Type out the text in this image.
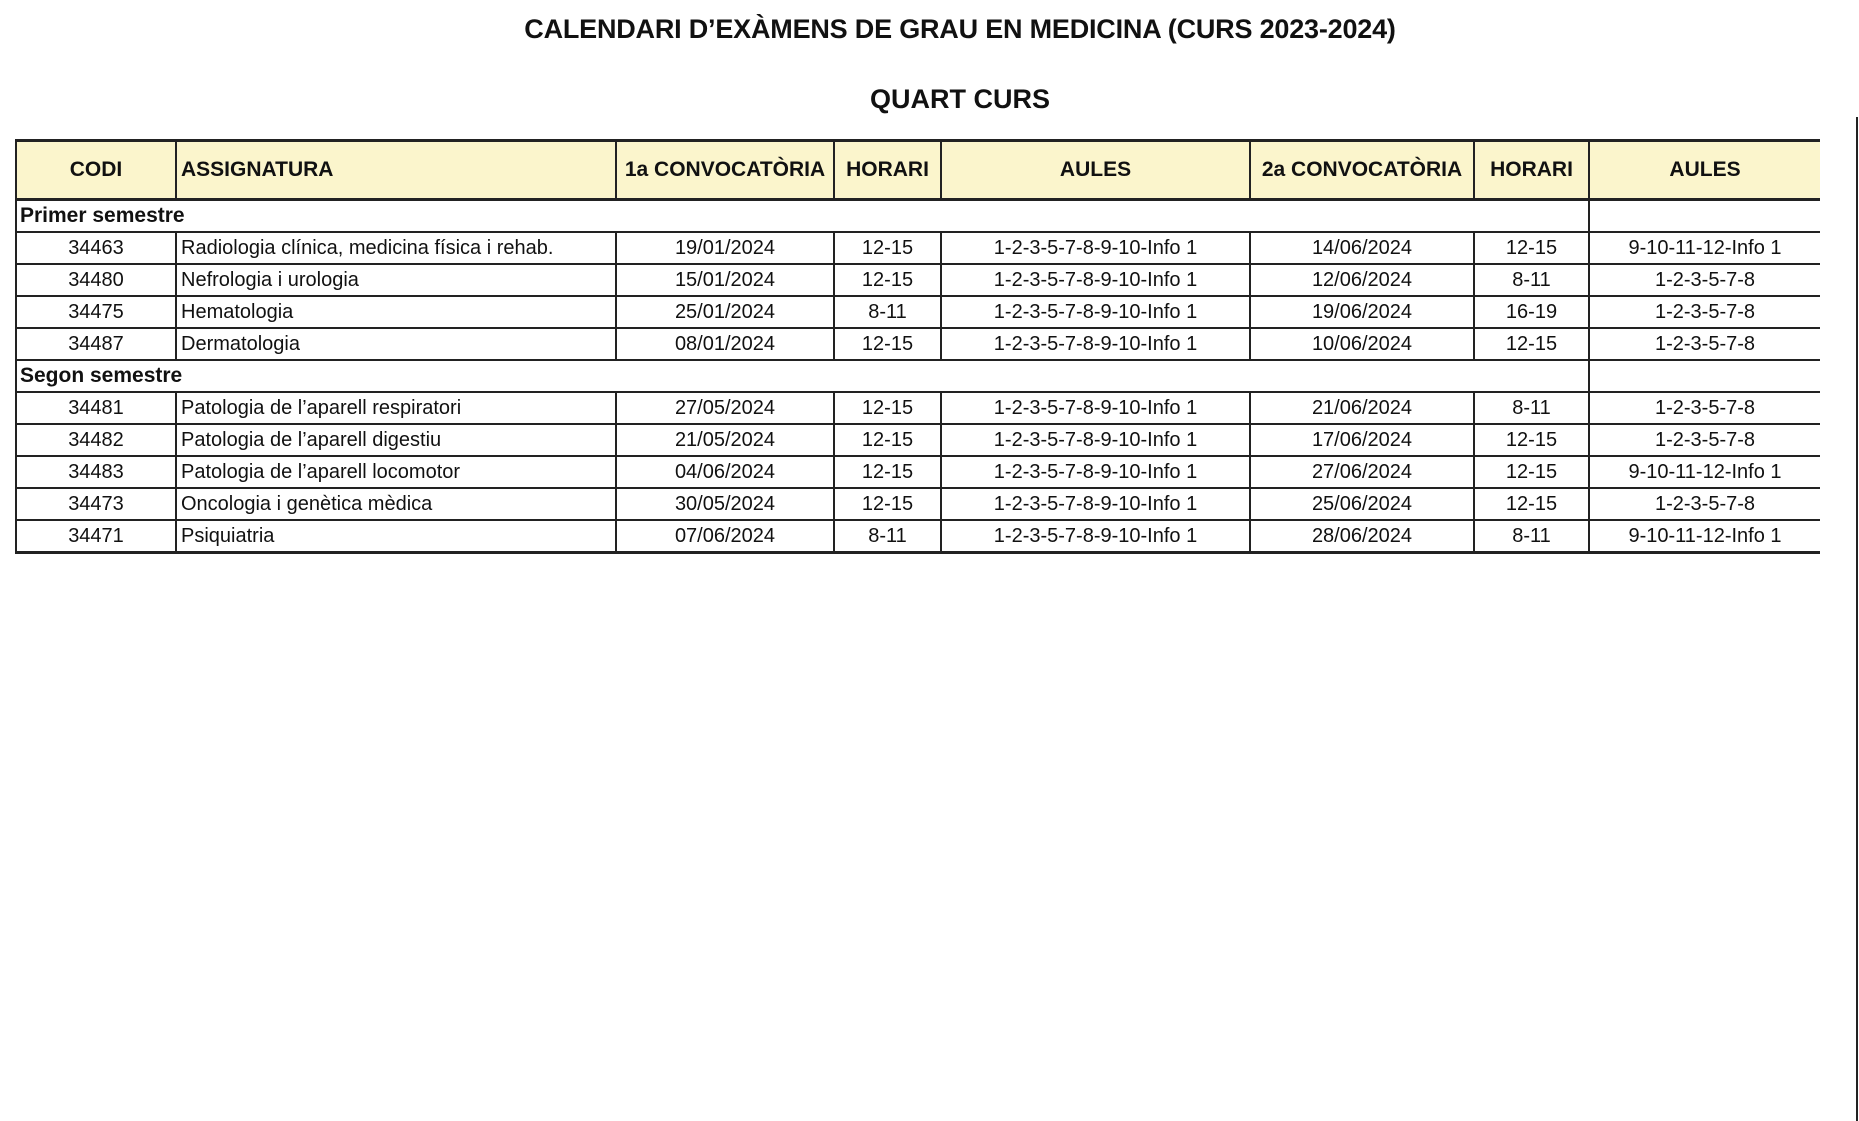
CALENDARI D’EXÀMENS DE GRAU EN MEDICINA (CURS 2023-2024)
QUART CURS
CODI	ASSIGNATURA	1a CONVOCATÒRIA	HORARI	AULES	2a CONVOCATÒRIA	HORARI	AULES
Primer semestre							
34463	Radiologia clínica, medicina física i rehab.	19/01/2024	12-15	1-2-3-5-7-8-9-10-Info 1	14/06/2024	12-15	9-10-11-12-Info 1
34480	Nefrologia i urologia	15/01/2024	12-15	1-2-3-5-7-8-9-10-Info 1	12/06/2024	8-11	1-2-3-5-7-8
34475	Hematologia	25/01/2024	8-11	1-2-3-5-7-8-9-10-Info 1	19/06/2024	16-19	1-2-3-5-7-8
34487	Dermatologia	08/01/2024	12-15	1-2-3-5-7-8-9-10-Info 1	10/06/2024	12-15	1-2-3-5-7-8
Segon semestre							
34481	Patologia de l’aparell respiratori	27/05/2024	12-15	1-2-3-5-7-8-9-10-Info 1	21/06/2024	8-11	1-2-3-5-7-8
34482	Patologia de l’aparell digestiu	21/05/2024	12-15	1-2-3-5-7-8-9-10-Info 1	17/06/2024	12-15	1-2-3-5-7-8
34483	Patologia de l’aparell locomotor	04/06/2024	12-15	1-2-3-5-7-8-9-10-Info 1	27/06/2024	12-15	9-10-11-12-Info 1
34473	Oncologia i genètica mèdica	30/05/2024	12-15	1-2-3-5-7-8-9-10-Info 1	25/06/2024	12-15	1-2-3-5-7-8
34471	Psiquiatria	07/06/2024	8-11	1-2-3-5-7-8-9-10-Info 1	28/06/2024	8-11	9-10-11-12-Info 1
